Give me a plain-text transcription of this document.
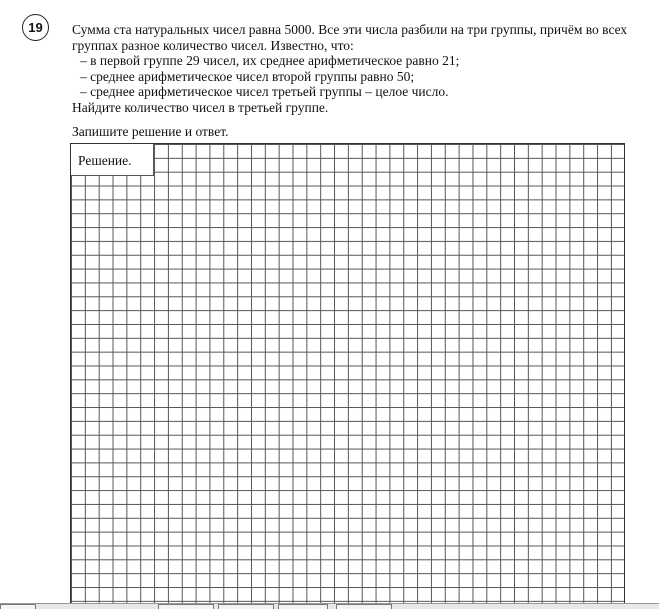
19 Сумма ста натуральных чисел равна 5000. Все эти числа разбили на три группы, причём во всех группах разное количество чисел. Известно, что:

– в первой группе 29 чисел, их среднее арифметическое равно 21;

– среднее арифметическое чисел второй группы равно 50;

– среднее арифметическое чисел третьей группы – целое число.

Найдите количество чисел в третьей группе.

Запишите решение и ответ.
Решение.
